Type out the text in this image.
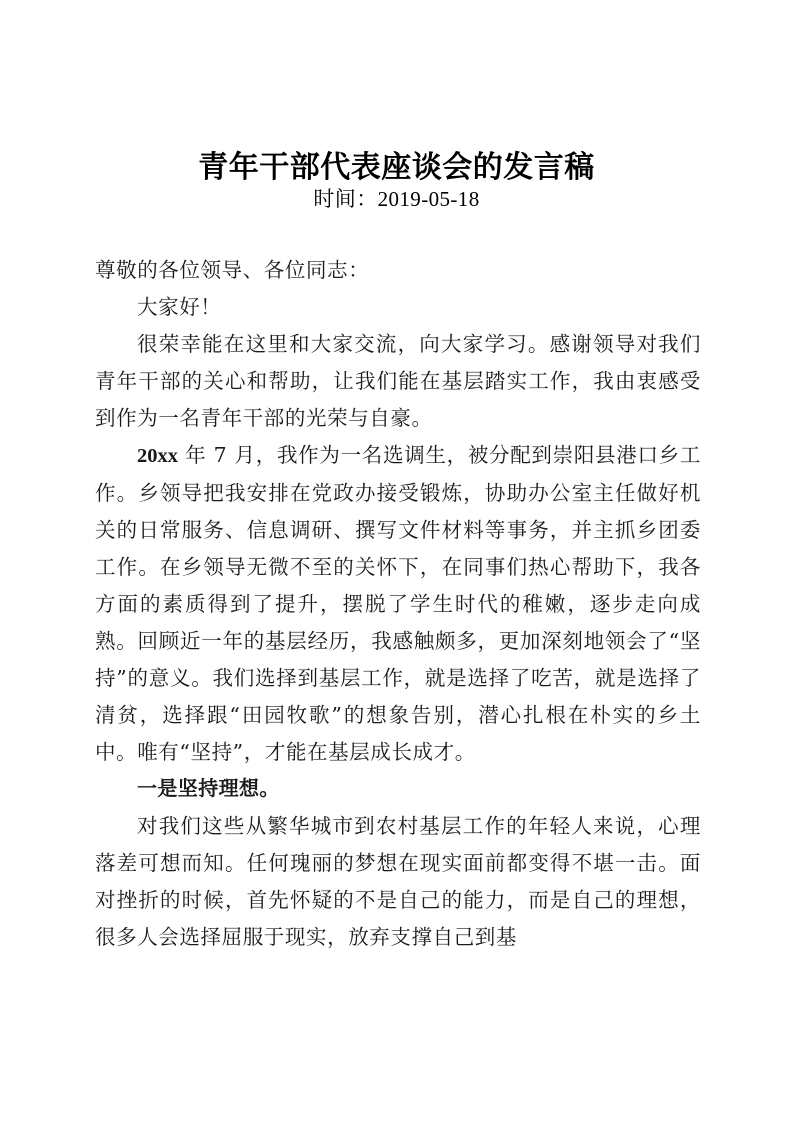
青年干部代表座谈会的发言稿
时间：2019-05-18

尊敬的各位领导、各位同志：

大家好！

很荣幸能在这里和大家交流，向大家学习。感谢领导对我们青年干部的关心和帮助，让我们能在基层踏实工作，我由衷感受到作为一名青年干部的光荣与自豪。

20xx 年 7 月，我作为一名选调生，被分配到崇阳县港口乡工作。乡领导把我安排在党政办接受锻炼，协助办公室主任做好机关的日常服务、信息调研、撰写文件材料等事务，并主抓乡团委工作。在乡领导无微不至的关怀下，在同事们热心帮助下，我各方面的素质得到了提升，摆脱了学生时代的稚嫩，逐步走向成熟。回顾近一年的基层经历，我感触颇多，更加深刻地领会了“坚持”的意义。我们选择到基层工作，就是选择了吃苦，就是选择了清贫，选择跟“田园牧歌”的想象告别，潜心扎根在朴实的乡土中。唯有“坚持”，才能在基层成长成才。

一是坚持理想。

对我们这些从繁华城市到农村基层工作的年轻人来说，心理落差可想而知。任何瑰丽的梦想在现实面前都变得不堪一击。面对挫折的时候，首先怀疑的不是自己的能力，而是自己的理想，很多人会选择屈服于现实，放弃支撑自己到基
